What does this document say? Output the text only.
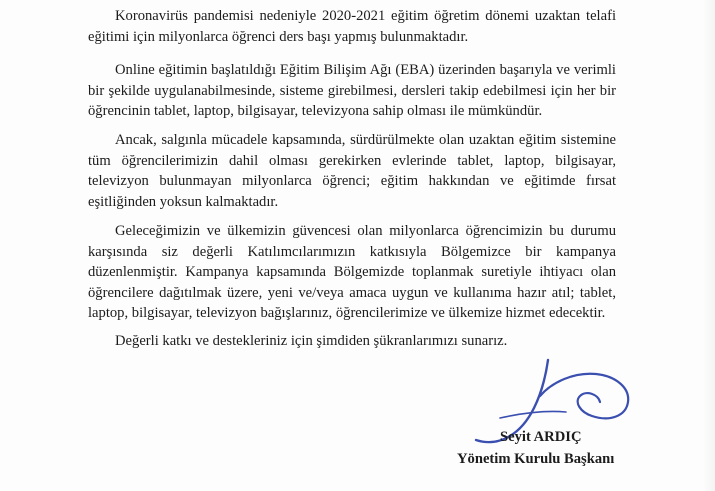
Koronavirüs pandemisi nedeniyle 2020-2021 eğitim öğretim dönemi uzaktan telafi eğitimi için milyonlarca öğrenci ders başı yapmış bulunmaktadır.

Online eğitimin başlatıldığı Eğitim Bilişim Ağı (EBA) üzerinden başarıyla ve verimli bir şekilde uygulanabilmesinde, sisteme girebilmesi, dersleri takip edebilmesi için her bir öğrencinin tablet, laptop, bilgisayar, televizyona sahip olması ile mümkündür.

Ancak, salgınla mücadele kapsamında, sürdürülmekte olan uzaktan eğitim sistemine tüm öğrencilerimizin dahil olması gerekirken evlerinde tablet, laptop, bilgisayar, televizyon bulunmayan milyonlarca öğrenci; eğitim hakkından ve eğitimde fırsat eşitliğinden yoksun kalmaktadır.

Geleceğimizin ve ülkemizin güvencesi olan milyonlarca öğrencimizin bu durumu karşısında siz değerli Katılımcılarımızın katkısıyla Bölgemizce bir kampanya düzenlenmiştir. Kampanya kapsamında Bölgemizde toplanmak suretiyle ihtiyacı olan öğrencilere dağıtılmak üzere, yeni ve/veya amaca uygun ve kullanıma hazır atıl; tablet, laptop, bilgisayar, televizyon bağışlarınız, öğrencilerimize ve ülkemize hizmet edecektir.

Değerli katkı ve destekleriniz için şimdiden şükranlarımızı sunarız.

Seyit ARDIÇ

Yönetim Kurulu Başkanı
